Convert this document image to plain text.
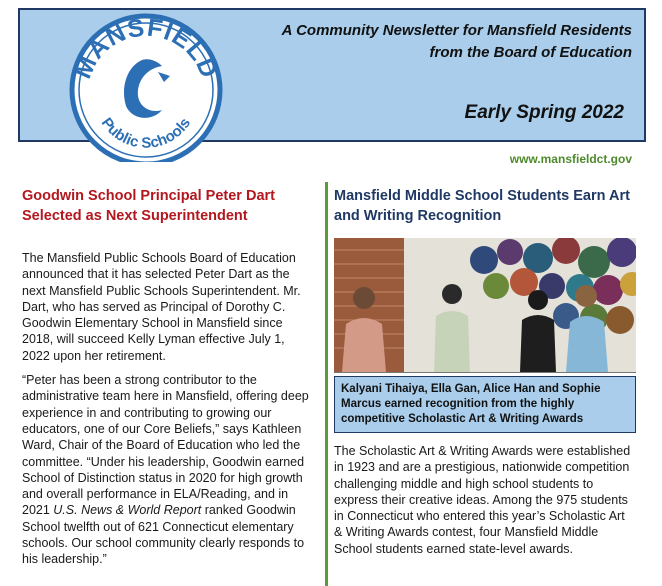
A Community Newsletter for Mansfield Residents
from the Board of Education
Early Spring 2022
MANSFIELD
Public Schools
www.mansfieldct.gov
Goodwin School Principal Peter Dart Selected as Next Superintendent

The Mansfield Public Schools Board of Education announced that it has selected Peter Dart as the next Mansfield Public Schools Superintendent. Mr. Dart, who has served as Principal of Dorothy C. Goodwin Elementary School in Mansfield since 2018, will succeed Kelly Lyman effective July 1, 2022 upon her retirement.

“Peter has been a strong contributor to the administrative team here in Mansfield, offering deep experience in and contributing to growing our educators, one of our Core Beliefs,” says Kathleen Ward, Chair of the Board of Education who led the committee. “Under his leadership, Goodwin earned School of Distinction status in 2020 for high growth and overall performance in ELA/Reading, and in 2021 U.S. News & World Report ranked Goodwin School twelfth out of 621 Connecticut elementary schools. Our school community clearly responds to his leadership.”

Mansfield Middle School Students Earn Art and Writing Recognition
Kalyani Tihaiya, Ella Gan, Alice Han and Sophie Marcus earned recognition from the highly competitive Scholastic Art & Writing Awards

The Scholastic Art & Writing Awards were established in 1923 and are a prestigious, nationwide competition challenging middle and high school students to express their creative ideas. Among the 975 students in Connecticut who entered this year’s Scholastic Art & Writing Awards contest, four Mansfield Middle School students earned state-level awards.
